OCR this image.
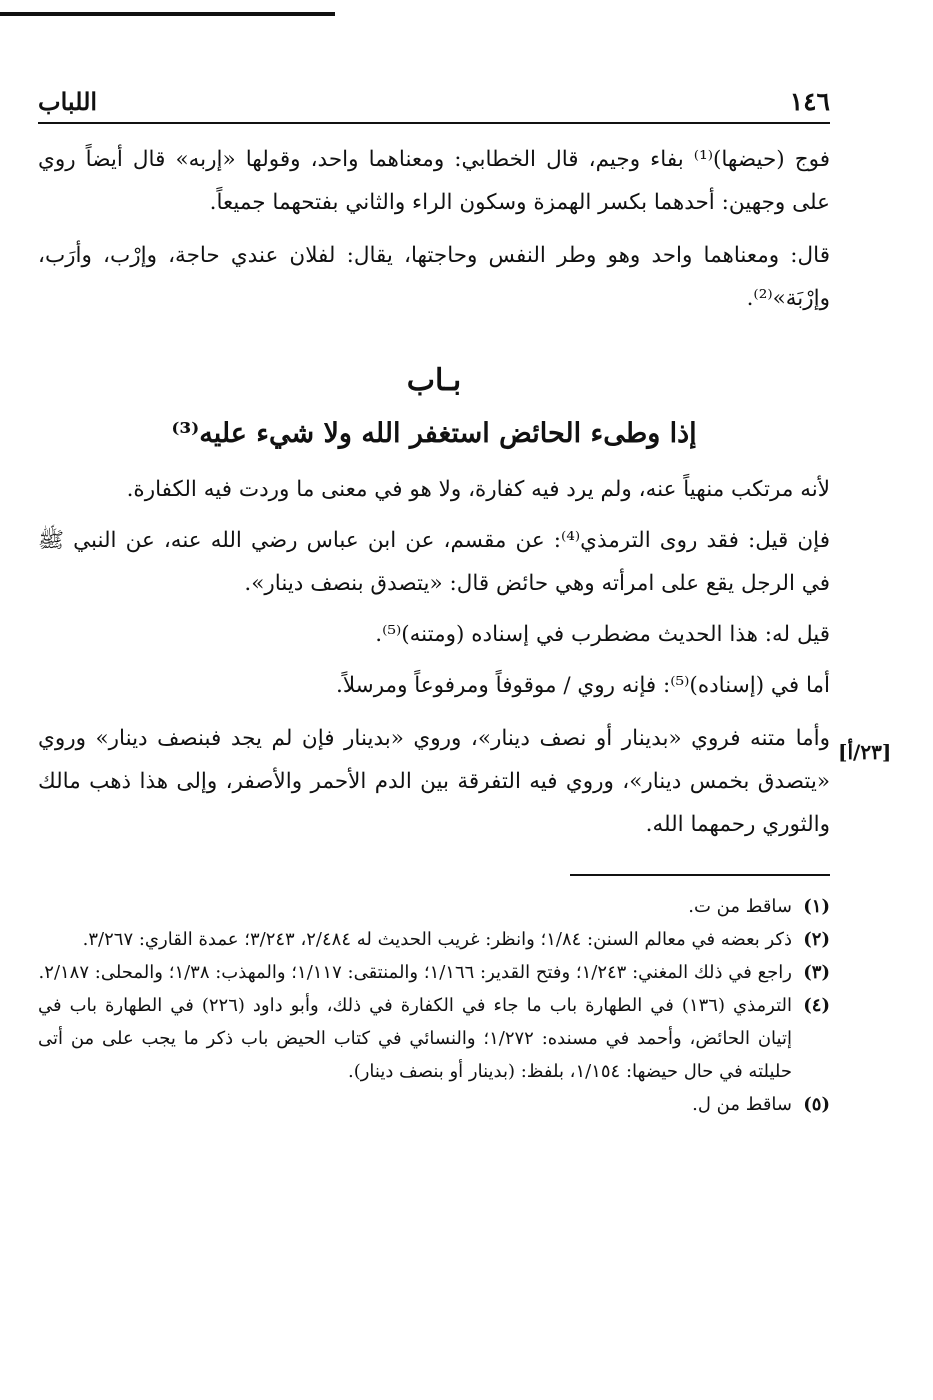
١٤٦
اللباب

فوج (حيضها)⁽¹⁾ بفاء وجيم، قال الخطابي: ومعناهما واحد، وقولها «إربه» قال أيضاً روي على وجهين: أحدهما بكسر الهمزة وسكون الراء والثاني بفتحهما جميعاً.

قال: ومعناهما واحد وهو وطر النفس وحاجتها، يقال: لفلان عندي حاجة، وإرْب، وأرَب، وإرْبَة»⁽²⁾.

بـاب
إذا وطىء الحائض استغفر الله ولا شيء عليه⁽³⁾

لأنه مرتكب منهياً عنه، ولم يرد فيه كفارة، ولا هو في معنى ما وردت فيه الكفارة.

فإن قيل: فقد روى الترمذي⁽⁴⁾: عن مقسم، عن ابن عباس رضي الله عنه، عن النبي ﷺ في الرجل يقع على امرأته وهي حائض قال: «يتصدق بنصف دينار».

قيل له: هذا الحديث مضطرب في إسناده (ومتنه)⁽⁵⁾.

أما في (إسناده)⁽⁵⁾: فإنه روي / موقوفاً ومرفوعاً ومرسلاً.

وأما متنه فروي «بدينار أو نصف دينار»، وروي «بدينار فإن لم يجد فبنصف دينار» وروي «يتصدق بخمس دينار»، وروي فيه التفرقة بين الدم الأحمر والأصفر، وإلى هذا ذهب مالك والثوري رحمهما الله.

(١)
ساقط من ت.
(٢)
ذكر بعضه في معالم السنن: ١/٨٤؛ وانظر: غريب الحديث له ٢/٤٨٤، ٣/٢٤٣؛ عمدة القاري: ٣/٢٦٧.
(٣)
راجع في ذلك المغني: ١/٢٤٣؛ وفتح القدير: ١/١٦٦؛ والمنتقى: ١/١١٧؛ والمهذب: ١/٣٨؛ والمحلى: ٢/١٨٧.
(٤)
الترمذي (١٣٦) في الطهارة باب ما جاء في الكفارة في ذلك، وأبو داود (٢٢٦) في الطهارة باب في إتيان الحائض، وأحمد في مسنده: ١/٢٧٢؛ والنسائي في كتاب الحيض باب ذكر ما يجب على من أتى حليلته في حال حيضها: ١/١٥٤، بلفظ: (بدينار أو بنصف دينار).
(٥)
ساقط من ل.
[٢٣/أ]
